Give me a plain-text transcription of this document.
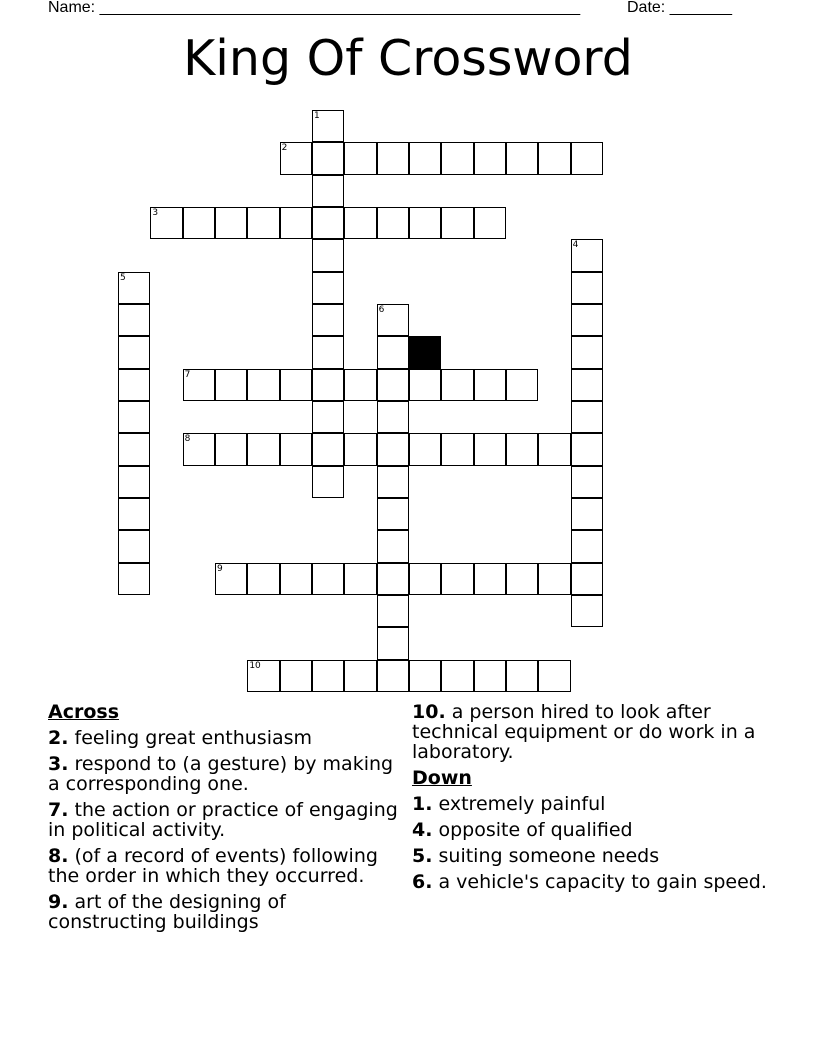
Name: ______________________________________________________	Date: _______
King Of Crossword
1
2
3
4
5
6
7
8
9
10
Across
2. feeling great enthusiasm
3. respond to (a gesture) by making a corresponding one.
7. the action or practice of engaging in political activity.
8. (of a record of events) following the order in which they occurred.
9. art of the designing of constructing buildings
10. a person hired to look after technical equipment or do work in a laboratory.
Down
1. extremely painful
4. opposite of qualified
5. suiting someone needs
6. a vehicle's capacity to gain speed.
